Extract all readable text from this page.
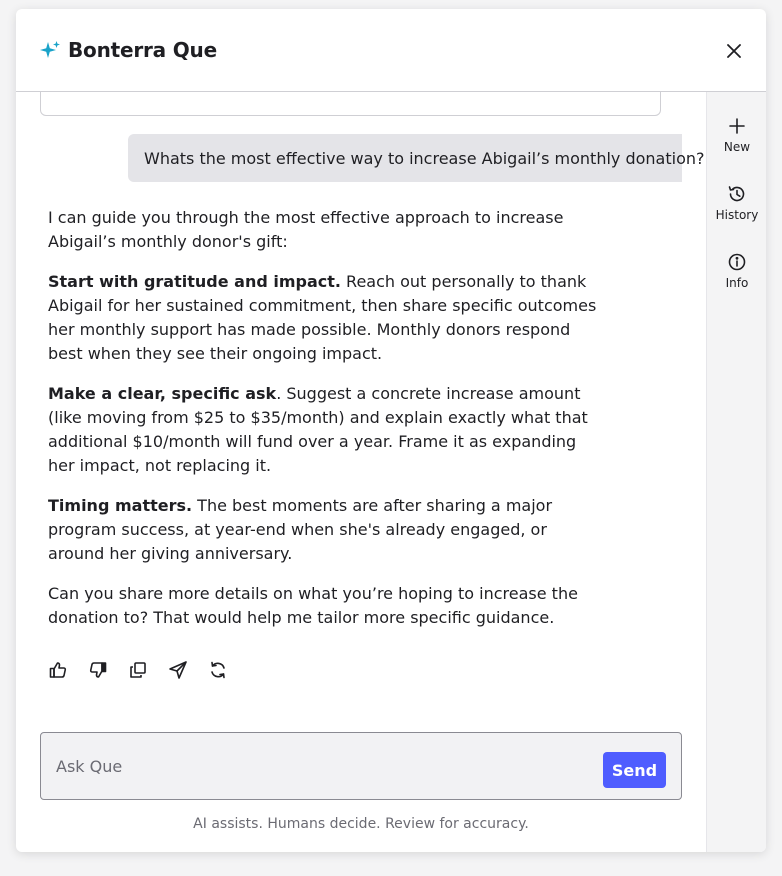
Bonterra Que
Whats the most effective way to increase Abigail’s monthly donation?

I can guide you through the most effective approach to increase Abigail’s monthly donor's gift:

Start with gratitude and impact. Reach out personally to thank Abigail for her sustained commitment, then share specific outcomes her monthly support has made possible. Monthly donors respond best when they see their ongoing impact.

Make a clear, specific ask. Suggest a concrete increase amount (like moving from $25 to $35/month) and explain exactly what that additional $10/month will fund over a year. Frame it as expanding her impact, not replacing it.

Timing matters. The best moments are after sharing a major program success, at year-end when she's already engaged, or around her giving anniversary.

Can you share more details on what you’re hoping to increase the donation to? That would help me tailor more specific guidance.

Ask Que
Send
AI assists. Humans decide. Review for accuracy.
New
History
Info
